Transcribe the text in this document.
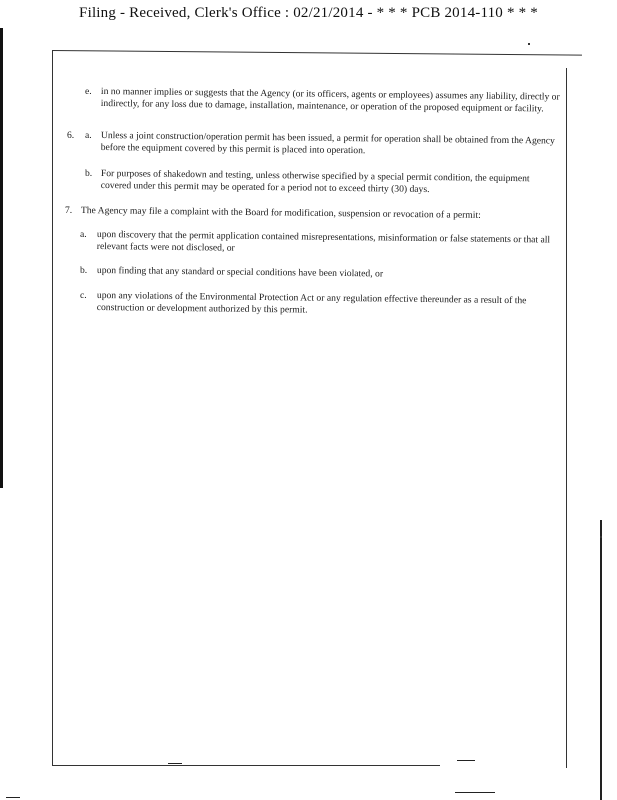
Filing - Received, Clerk's Office : 02/21/2014 - * * * PCB 2014-110 * * *
e. in no manner implies or suggests that the Agency (or its officers, agents or employees) assumes any liability, directly or indirectly, for any loss due to damage, installation, maintenance, or operation of the proposed equipment or facility.

6. a. Unless a joint construction/operation permit has been issued, a permit for operation shall be obtained from the Agency before the equipment covered by this permit is placed into operation.

b. For purposes of shakedown and testing, unless otherwise specified by a special permit condition, the equipment covered under this permit may be operated for a period not to exceed thirty (30) days.

7. The Agency may file a complaint with the Board for modification, suspension or revocation of a permit:

a. upon discovery that the permit application contained misrepresentations, misinformation or false statements or that all relevant facts were not disclosed, or

b. upon finding that any standard or special conditions have been violated, or

c. upon any violations of the Environmental Protection Act or any regulation effective thereunder as a result of the construction or development authorized by this permit.
